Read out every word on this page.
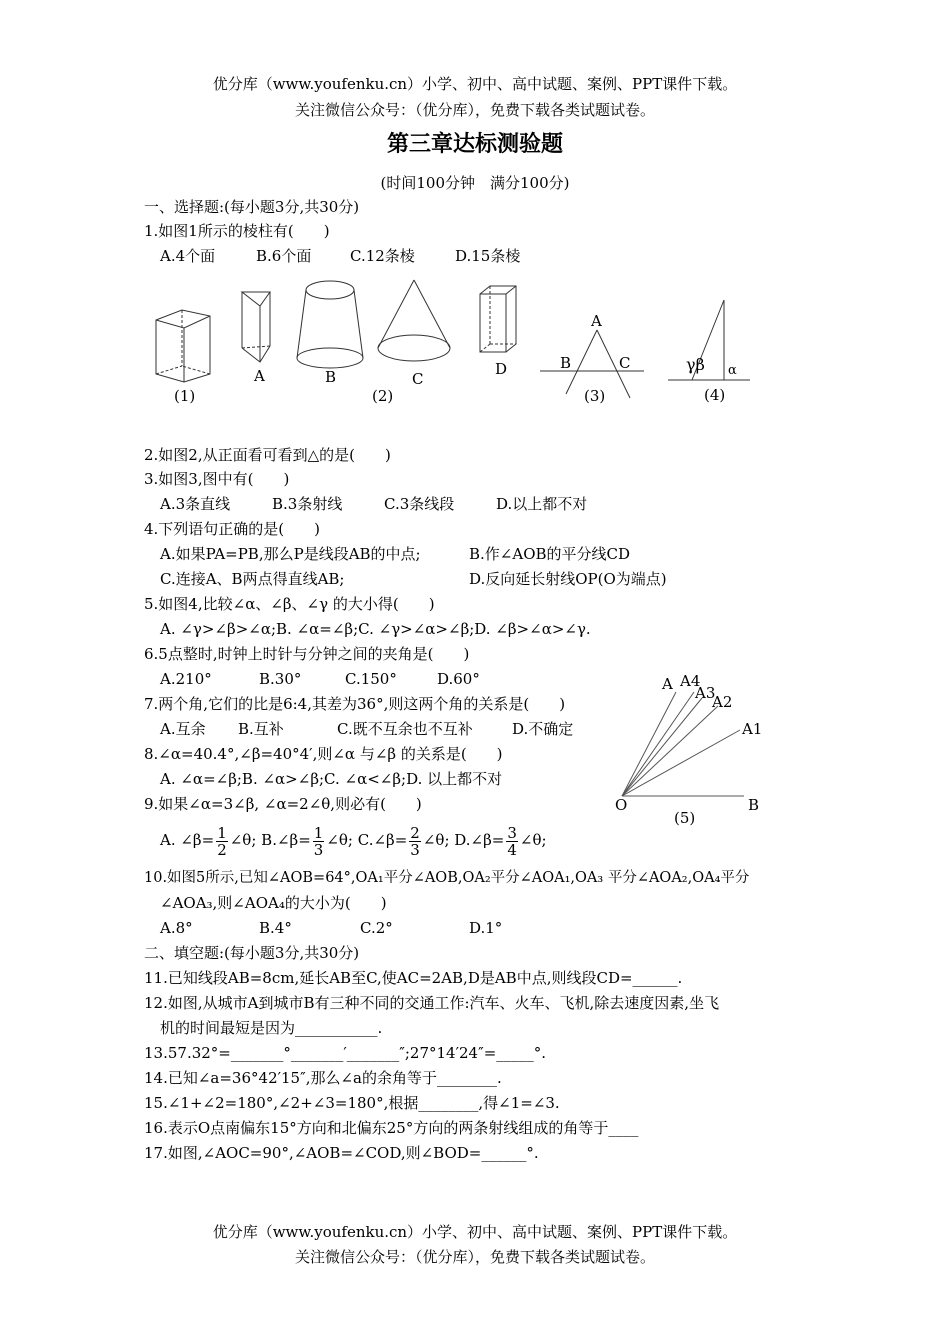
优分库（www.youfenku.cn）小学、初中、高中试题、案例、PPT课件下载。
关注微信公众号：（优分库），免费下载各类试题试卷。
第三章达标测验题
(时间100分钟　满分100分)
一、选择题:(每小题3分,共30分)
1.如图1所示的棱柱有(　　)
A.4个面	B.6个面	C.12条棱	D.15条棱
(1)
A	B	C
D
(2)
A
B	C
(3)
γβ α
(4)
2.如图2,从正面看可看到△的是(　　)
3.如图3,图中有(　　)
A.3条直线	B.3条射线	C.3条线段	D.以上都不对
4.下列语句正确的是(　　)
A.如果PA=PB,那么P是线段AB的中点;	B.作∠AOB的平分线CD
C.连接A、B两点得直线AB;	D.反向延长射线OP(O为端点)
5.如图4,比较∠α、∠β、∠γ 的大小得(　　)
A. ∠γ>∠β>∠α;B. ∠α=∠β;C. ∠γ>∠α>∠β;D. ∠β>∠α>∠γ.
6.5点整时,时钟上时针与分钟之间的夹角是(　　)
A.210°	B.30°	C.150°	D.60°
O	B
A A4
A3
A2
A1
(5)
7.两个角,它们的比是6:4,其差为36°,则这两个角的关系是(　　)
A.互余 B.互补	C.既不互余也不互补	D.不确定
8.∠α=40.4°,∠β=40°4′,则∠α 与∠β 的关系是(　　)
A. ∠α=∠β;B. ∠α>∠β;C. ∠α<∠β;D. 以上都不对
9.如果∠α=3∠β, ∠α=2∠θ,则必有(　　)
A. ∠β= $\frac{1}{2}$ ∠θ; B.∠β= $\frac{1}{3}$ ∠θ; C.∠β= $\frac{2}{3}$ ∠θ; D.∠β= $\frac{3}{4}$ ∠θ;
10.如图5所示,已知∠AOB=64°,OA₁平分∠AOB,OA₂平分∠AOA₁,OA₃ 平分∠AOA₂,OA₄平分
∠AOA₃,则∠AOA₄的大小为(　　)
A.8°	B.4°	C.2°	D.1°
二、填空题:(每小题3分,共30分)
11.已知线段AB=8cm,延长AB至C,使AC=2AB,D是AB中点,则线段CD=______.
12.如图,从城市A到城市B有三种不同的交通工作:汽车、火车、飞机,除去速度因素,坐飞
机的时间最短是因为___________.
13.57.32°=_______°_______′_______″;27°14′24″=_____°.
14.已知∠a=36°42′15″,那么∠a的余角等于________.
15.∠1+∠2=180°,∠2+∠3=180°,根据________,得∠1=∠3.
16.表示O点南偏东15°方向和北偏东25°方向的两条射线组成的角等于____
17.如图,∠AOC=90°,∠AOB=∠COD,则∠BOD=______°.
优分库（www.youfenku.cn）小学、初中、高中试题、案例、PPT课件下载。
关注微信公众号：（优分库），免费下载各类试题试卷。
